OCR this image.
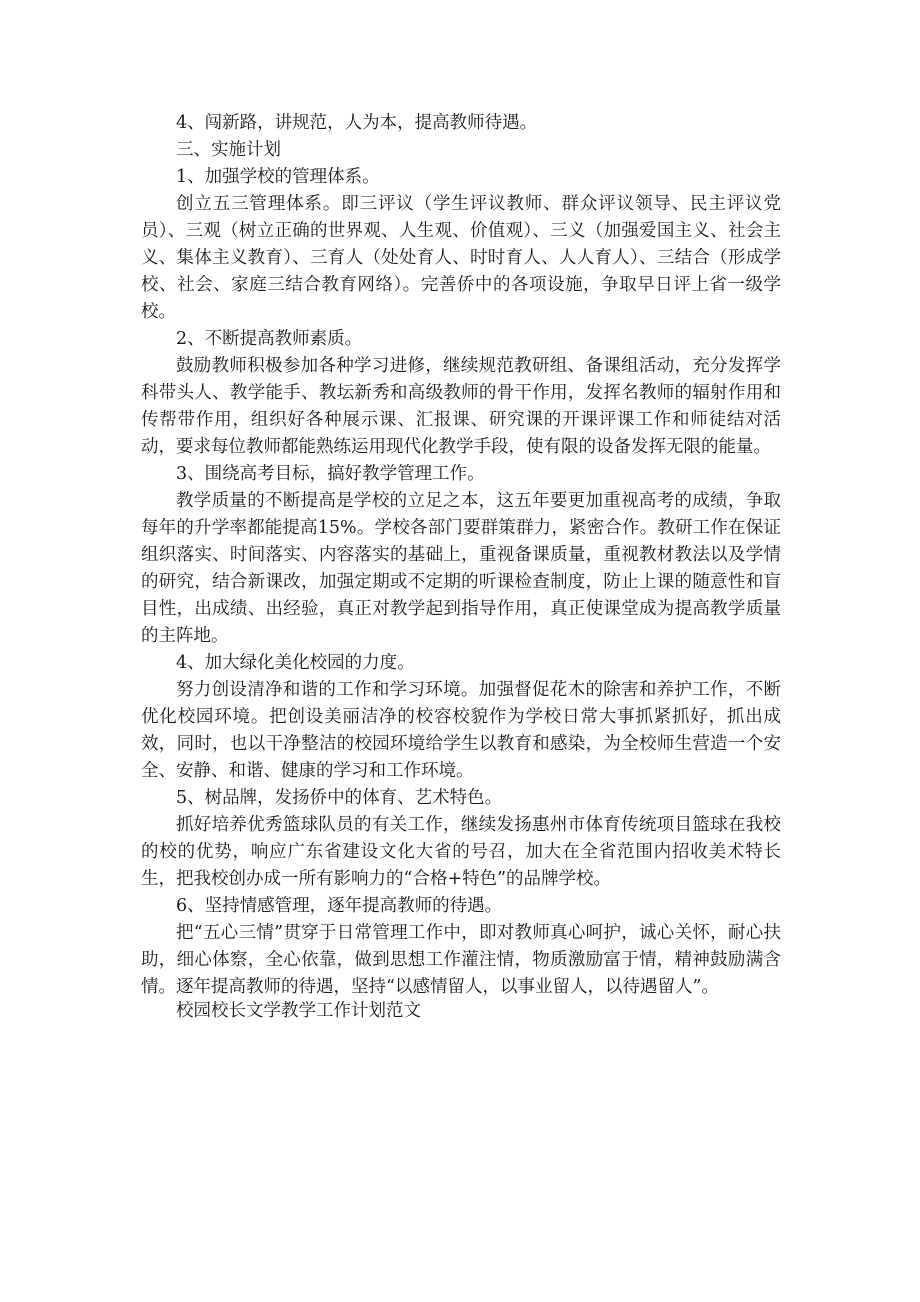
4、闯新路，讲规范，人为本，提高教师待遇。

三、实施计划

1、加强学校的管理体系。

创立五三管理体系。即三评议（学生评议教师、群众评议领导、民主评议党员）、三观（树立正确的世界观、人生观、价值观）、三义（加强爱国主义、社会主义、集体主义教育）、三育人（处处育人、时时育人、人人育人）、三结合（形成学校、社会、家庭三结合教育网络）。完善侨中的各项设施，争取早日评上省一级学校。

2、不断提高教师素质。

鼓励教师积极参加各种学习进修，继续规范教研组、备课组活动，充分发挥学科带头人、教学能手、教坛新秀和高级教师的骨干作用，发挥名教师的辐射作用和传帮带作用，组织好各种展示课、汇报课、研究课的开课评课工作和师徒结对活动，要求每位教师都能熟练运用现代化教学手段，使有限的设备发挥无限的能量。

3、围绕高考目标，搞好教学管理工作。

教学质量的不断提高是学校的立足之本，这五年要更加重视高考的成绩，争取每年的升学率都能提高15%。学校各部门要群策群力，紧密合作。教研工作在保证组织落实、时间落实、内容落实的基础上，重视备课质量，重视教材教法以及学情的研究，结合新课改，加强定期或不定期的听课检查制度，防止上课的随意性和盲目性，出成绩、出经验，真正对教学起到指导作用，真正使课堂成为提高教学质量的主阵地。

4、加大绿化美化校园的力度。

努力创设清净和谐的工作和学习环境。加强督促花木的除害和养护工作，不断优化校园环境。把创设美丽洁净的校容校貌作为学校日常大事抓紧抓好，抓出成效，同时，也以干净整洁的校园环境给学生以教育和感染，为全校师生营造一个安全、安静、和谐、健康的学习和工作环境。

5、树品牌，发扬侨中的体育、艺术特色。

抓好培养优秀篮球队员的有关工作，继续发扬惠州市体育传统项目篮球在我校的校的优势，响应广东省建设文化大省的号召，加大在全省范围内招收美术特长生，把我校创办成一所有影响力的“合格+特色”的品牌学校。

6、坚持情感管理，逐年提高教师的待遇。

把“五心三情”贯穿于日常管理工作中，即对教师真心呵护，诚心关怀，耐心扶助，细心体察，全心依靠，做到思想工作灌注情，物质激励富于情，精神鼓励满含情。逐年提高教师的待遇，坚持“以感情留人，以事业留人，以待遇留人”。

校园校长文学教学工作计划范文
